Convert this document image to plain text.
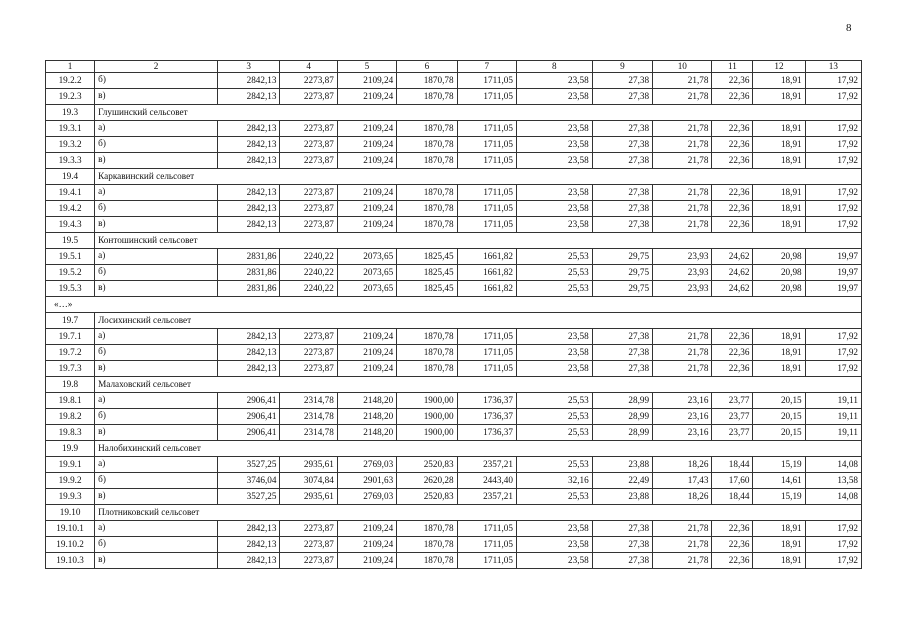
8
1	2	3	4	5	6	7	8	9	10	11	12	13
19.2.2	б)	2842,13	2273,87	2109,24	1870,78	1711,05	23,58	27,38	21,78	22,36	18,91	17,92
19.2.3	в)	2842,13	2273,87	2109,24	1870,78	1711,05	23,58	27,38	21,78	22,36	18,91	17,92
19.3	Глушинский сельсовет											
19.3.1	а)	2842,13	2273,87	2109,24	1870,78	1711,05	23,58	27,38	21,78	22,36	18,91	17,92
19.3.2	б)	2842,13	2273,87	2109,24	1870,78	1711,05	23,58	27,38	21,78	22,36	18,91	17,92
19.3.3	в)	2842,13	2273,87	2109,24	1870,78	1711,05	23,58	27,38	21,78	22,36	18,91	17,92
19.4	Каркавинский сельсовет											
19.4.1	а)	2842,13	2273,87	2109,24	1870,78	1711,05	23,58	27,38	21,78	22,36	18,91	17,92
19.4.2	б)	2842,13	2273,87	2109,24	1870,78	1711,05	23,58	27,38	21,78	22,36	18,91	17,92
19.4.3	в)	2842,13	2273,87	2109,24	1870,78	1711,05	23,58	27,38	21,78	22,36	18,91	17,92
19.5	Контошинский сельсовет											
19.5.1	а)	2831,86	2240,22	2073,65	1825,45	1661,82	25,53	29,75	23,93	24,62	20,98	19,97
19.5.2	б)	2831,86	2240,22	2073,65	1825,45	1661,82	25,53	29,75	23,93	24,62	20,98	19,97
19.5.3	в)	2831,86	2240,22	2073,65	1825,45	1661,82	25,53	29,75	23,93	24,62	20,98	19,97
«…»												
19.7	Лосихинский сельсовет											
19.7.1	а)	2842,13	2273,87	2109,24	1870,78	1711,05	23,58	27,38	21,78	22,36	18,91	17,92
19.7.2	б)	2842,13	2273,87	2109,24	1870,78	1711,05	23,58	27,38	21,78	22,36	18,91	17,92
19.7.3	в)	2842,13	2273,87	2109,24	1870,78	1711,05	23,58	27,38	21,78	22,36	18,91	17,92
19.8	Малаховский сельсовет											
19.8.1	а)	2906,41	2314,78	2148,20	1900,00	1736,37	25,53	28,99	23,16	23,77	20,15	19,11
19.8.2	б)	2906,41	2314,78	2148,20	1900,00	1736,37	25,53	28,99	23,16	23,77	20,15	19,11
19.8.3	в)	2906,41	2314,78	2148,20	1900,00	1736,37	25,53	28,99	23,16	23,77	20,15	19,11
19.9	Налобихинский сельсовет											
19.9.1	а)	3527,25	2935,61	2769,03	2520,83	2357,21	25,53	23,88	18,26	18,44	15,19	14,08
19.9.2	б)	3746,04	3074,84	2901,63	2620,28	2443,40	32,16	22,49	17,43	17,60	14,61	13,58
19.9.3	в)	3527,25	2935,61	2769,03	2520,83	2357,21	25,53	23,88	18,26	18,44	15,19	14,08
19.10	Плотниковский сельсовет											
19.10.1	а)	2842,13	2273,87	2109,24	1870,78	1711,05	23,58	27,38	21,78	22,36	18,91	17,92
19.10.2	б)	2842,13	2273,87	2109,24	1870,78	1711,05	23,58	27,38	21,78	22,36	18,91	17,92
19.10.3	в)	2842,13	2273,87	2109,24	1870,78	1711,05	23,58	27,38	21,78	22,36	18,91	17,92
